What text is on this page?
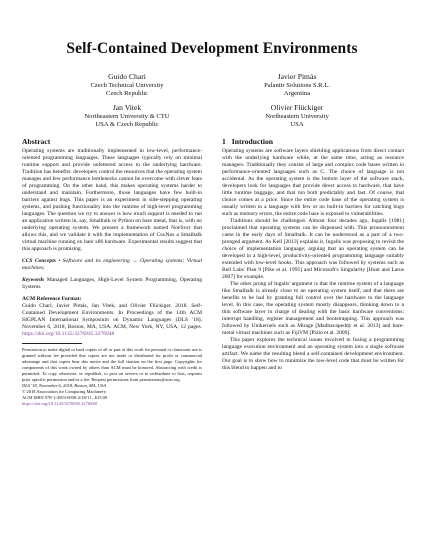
Self-Contained Development Environments
Guido Chari
Czech Technical University
Czech Republic
Javier Pimás
Palantir Solutions S.R.L.
Argentina
Jan Vitek
Northeastern University & CTU
USA & Czech Republic
Olivier Flückiger
Northeastern University
USA
Abstract

Operating systems are traditionally implemented in low-level, performance-oriented programming languages. These languages typically rely on minimal runtime support and provide unfettered access to the underlying hardware. Tradition has benefits: developers control the resources that the operating system manages and few performance bottlenecks cannot be overcome with clever feats of programming. On the other hand, this makes operating systems harder to understand and maintain. Furthermore, those languages have few built-in barriers against bugs. This paper is an experiment in side-stepping operating systems, and pushing functionality into the runtime of high-level programming languages. The question we try to answer is how much support is needed to run an application written in, say, Smalltalk or Python on bare metal, that is, with no underlying operating system. We present a framework named NᴏᴘSʏsᴛ that allows this, and we validate it with the implementation of CᴏɢNᴏs a Smalltalk virtual machine running on bare x86 hardware. Experimental results suggest that this approach is promising.

CCS Concepts • Software and its engineering → Operating systems; Virtual machines;

Keywords Managed Languages, High-Level System Programming, Operating Systems

ACM Reference Format:

Guido Chari, Javier Pimás, Jan Vitek, and Olivier Flückiger. 2018. Self-Contained Development Environments. In Proceedings of the 14th ACM SIGPLAN International Symposium on Dynamic Languages (DLS '18), November 6, 2018, Boston, MA, USA. ACM, New York, NY, USA, 12 pages. https://doi.org/10.1145/3276945.3276948

Permission to make digital or hard copies of all or part of this work for personal or classroom use is granted without fee provided that copies are not made or distributed for profit or commercial advantage and that copies bear this notice and the full citation on the first page. Copyrights for components of this work owned by others than ACM must be honored. Abstracting with credit is permitted. To copy otherwise, or republish, to post on servers or to redistribute to lists, requires prior specific permission and/or a fee. Request permissions from permissions@acm.org.
DLS '18, November 6, 2018, Boston, MA, USA
© 2018 Association for Computing Machinery.
ACM ISBN 978-1-4503-6030-2/18/11...$15.00
https://doi.org/10.1145/3276945.3276948
1 Introduction

Operating systems are software layers shielding applications from direct contact with the underlying hardware while, at the same time, acting as resource managers. Traditionally they consist of large and complex code bases written in performance-oriented languages such as C. The choice of language is not accidental. As the operating system is the bottom layer of the software stack, developers look for languages that provide direct access to hardware, that have little runtime baggage, and that run both predictably and fast. Of course, that choice comes at a price. Since the entire code base of the operating system is usually written in a language with few or no built-in barriers for catching bugs such as memory errors, the entire code base is exposed to vulnerabilities.

Traditions should be challenged. Almost four decades ago, Ingalls [1981] proclaimed that operating systems can be dispensed with. This pronouncement came in the early days of Smalltalk. It can be understood as a part of a two-pronged argument. As Kell [2013] explains it, Ingalls was proposing to revisit the choice of implementation language; arguing that an operating system can be developed in a high-level, productivity-oriented programming language suitably extended with low-level hooks. This approach was followed by systems such as Bell Labs' Plan 9 [Pike et al. 1995] and Microsoft's Singularity [Hunt and Larus 2007] for example.

The other prong of Ingalls' argument is that the runtime system of a language like Smalltalk is already close to an operating system itself, and that there are benefits to be had by granting full control over the hardware to the language level. In this case, the operating system mostly disappears, thinking down to a thin software layer in charge of dealing with the basic hardware conventions: interrupt handling, register management and bootstrapping. This approach was followed by Unikernels such as Mirage [Madhavapeddy et al. 2013] and bare-metal virtual machines such as FijiVM [Pizlo et al. 2009].

This paper explores the technical issues involved in fusing a programming language execution environment and an operating system into a single software artifact. We name the resulting blend a self-contained development environment. Our goal is to show how to minimize the low-level code that must be written for this blend to happen and to
